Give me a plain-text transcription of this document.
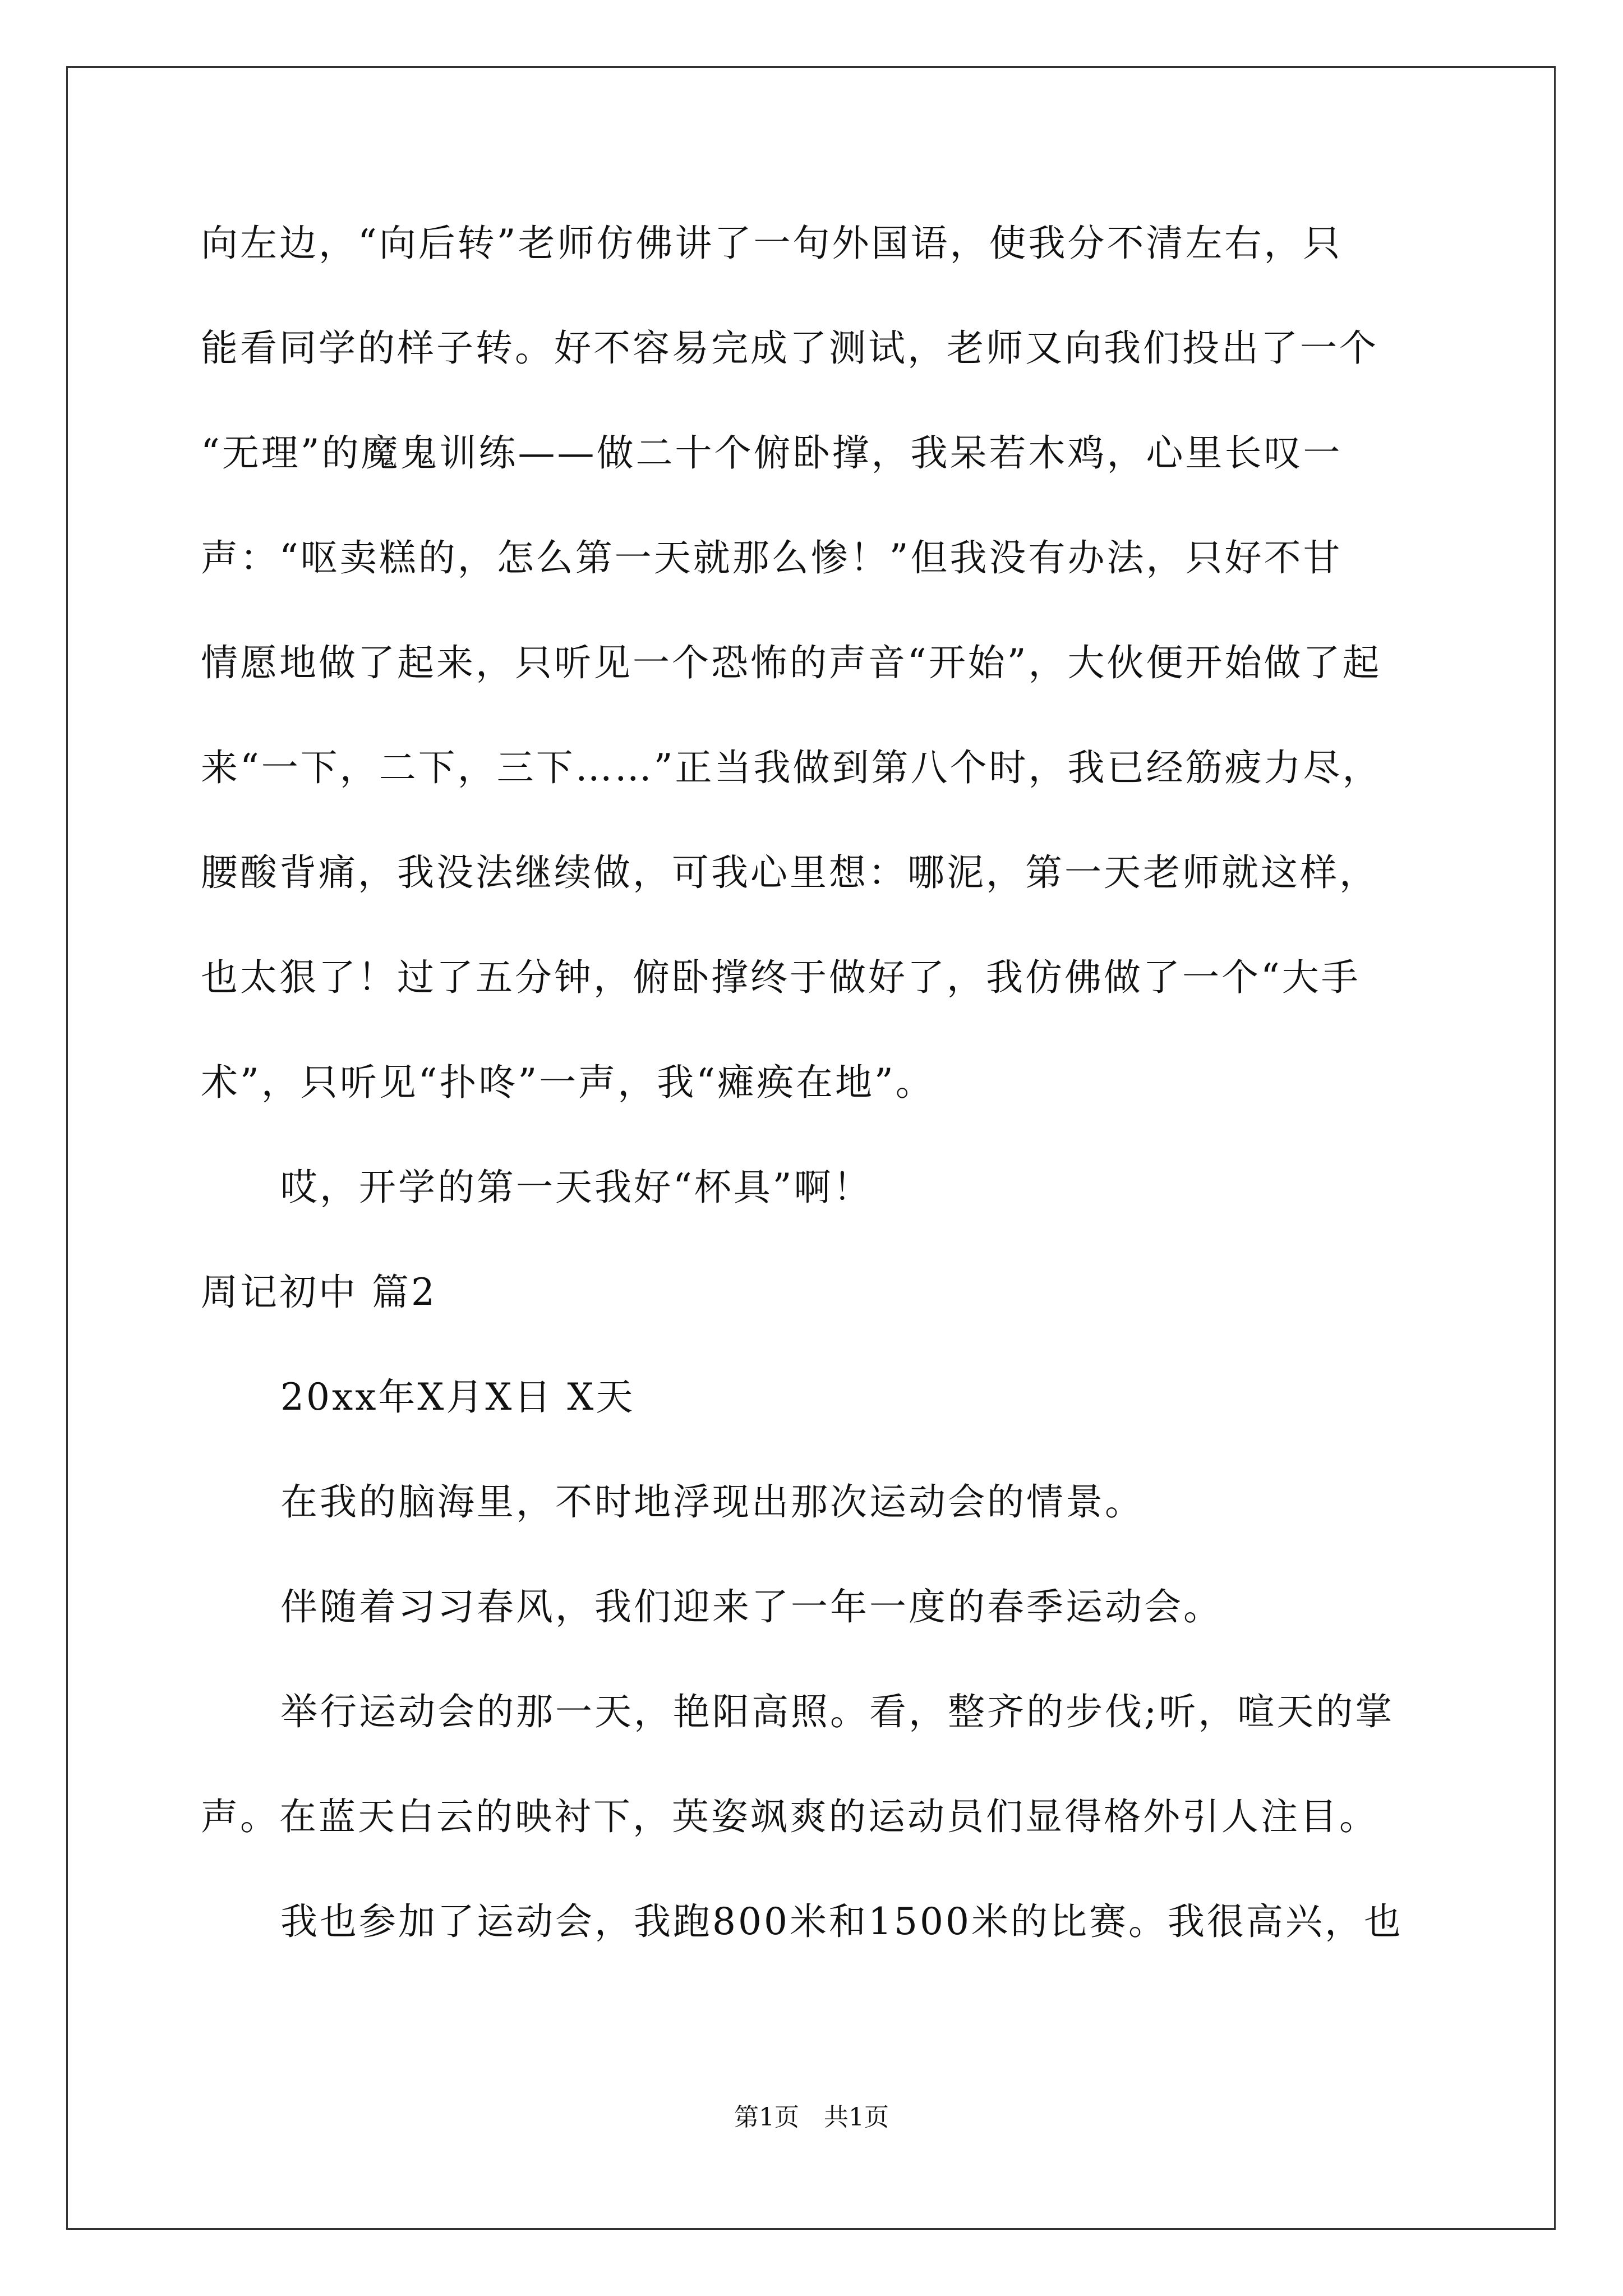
向左边，“向后转”老师仿佛讲了一句外国语，使我分不清左右，只
能看同学的样子转。好不容易完成了测试，老师又向我们投出了一个
“无理”的魔鬼训练——做二十个俯卧撑，我呆若木鸡，心里长叹一
声：“呕卖糕的，怎么第一天就那么惨！”但我没有办法，只好不甘
情愿地做了起来，只听见一个恐怖的声音“开始”，大伙便开始做了起
来“一下，二下，三下……”正当我做到第八个时，我已经筋疲力尽，
腰酸背痛，我没法继续做，可我心里想：哪泥，第一天老师就这样，
也太狠了！过了五分钟，俯卧撑终于做好了，我仿佛做了一个“大手
术”，只听见“扑咚”一声，我“瘫痪在地”。
哎，开学的第一天我好“杯具”啊！
周记初中 篇2
20xx年X月X日 X天
在我的脑海里，不时地浮现出那次运动会的情景。
伴随着习习春风，我们迎来了一年一度的春季运动会。
举行运动会的那一天，艳阳高照。看，整齐的步伐;听，喧天的掌
声。在蓝天白云的映衬下，英姿飒爽的运动员们显得格外引人注目。
我也参加了运动会，我跑800米和1500米的比赛。我很高兴，也
第1页　共1页
